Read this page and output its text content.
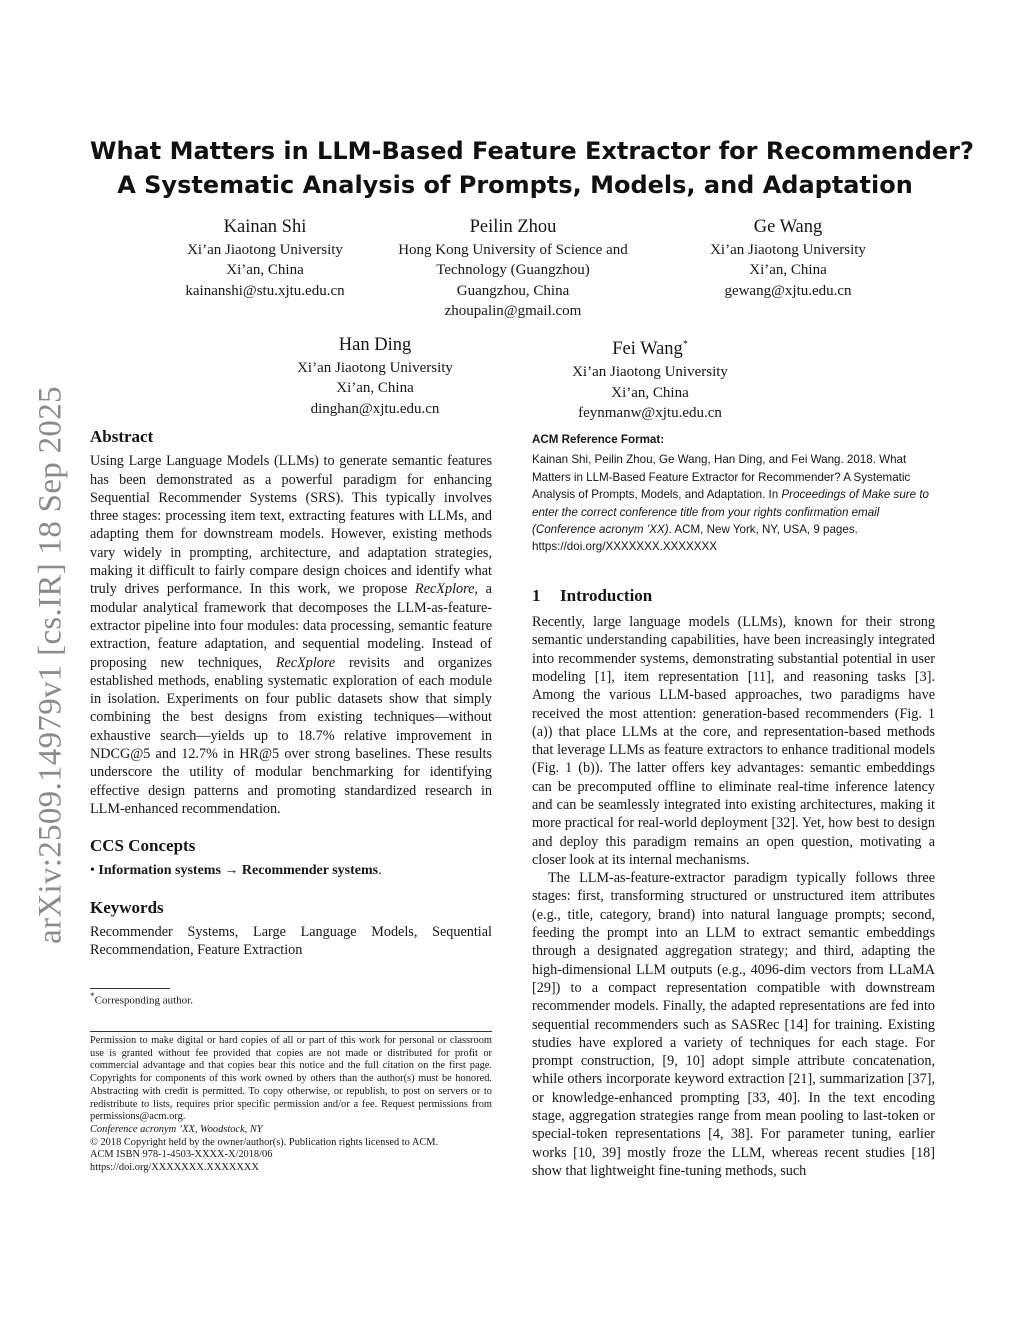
arXiv:2509.14979v1 [cs.IR] 18 Sep 2025
What Matters in LLM-Based Feature Extractor for Recommender?
A Systematic Analysis of Prompts, Models, and Adaptation
Kainan Shi
Xi’an Jiaotong University
Xi’an, China
kainanshi@stu.xjtu.edu.cn
Peilin Zhou
Hong Kong University of Science and
Technology (Guangzhou)
Guangzhou, China
zhoupalin@gmail.com
Ge Wang
Xi’an Jiaotong University
Xi’an, China
gewang@xjtu.edu.cn
Han Ding
Xi’an Jiaotong University
Xi’an, China
dinghan@xjtu.edu.cn
Fei Wang*
Xi’an Jiaotong University
Xi’an, China
feynmanw@xjtu.edu.cn
Abstract

Using Large Language Models (LLMs) to generate semantic features has been demonstrated as a powerful paradigm for enhancing Sequential Recommender Systems (SRS). This typically involves three stages: processing item text, extracting features with LLMs, and adapting them for downstream models. However, existing methods vary widely in prompting, architecture, and adaptation strategies, making it difficult to fairly compare design choices and identify what truly drives performance. In this work, we propose RecXplore, a modular analytical framework that decomposes the LLM-as-feature-extractor pipeline into four modules: data processing, semantic feature extraction, feature adaptation, and sequential modeling. Instead of proposing new techniques, RecXplore revisits and organizes established methods, enabling systematic exploration of each module in isolation. Experiments on four public datasets show that simply combining the best designs from existing techniques—without exhaustive search—yields up to 18.7% relative improvement in NDCG@5 and 12.7% in HR@5 over strong baselines. These results underscore the utility of modular benchmarking for identifying effective design patterns and promoting standardized research in LLM-enhanced recommendation.

CCS Concepts

• Information systems → Recommender systems.

Keywords

Recommender Systems, Large Language Models, Sequential Recommendation, Feature Extraction

*Corresponding author.

Permission to make digital or hard copies of all or part of this work for personal or classroom use is granted without fee provided that copies are not made or distributed for profit or commercial advantage and that copies bear this notice and the full citation on the first page. Copyrights for components of this work owned by others than the author(s) must be honored. Abstracting with credit is permitted. To copy otherwise, or republish, to post on servers or to redistribute to lists, requires prior specific permission and/or a fee. Request permissions from permissions@acm.org.

Conference acronym ’XX, Woodstock, NY
© 2018 Copyright held by the owner/author(s). Publication rights licensed to ACM.
ACM ISBN 978-1-4503-XXXX-X/2018/06
https://doi.org/XXXXXXX.XXXXXXX
ACM Reference Format:

Kainan Shi, Peilin Zhou, Ge Wang, Han Ding, and Fei Wang. 2018. What Matters in LLM-Based Feature Extractor for Recommender? A Systematic Analysis of Prompts, Models, and Adaptation. In Proceedings of Make sure to enter the correct conference title from your rights confirmation email (Conference acronym ’XX). ACM, New York, NY, USA, 9 pages. https://doi.org/XXXXXXX.XXXXXXX

1 Introduction

Recently, large language models (LLMs), known for their strong semantic understanding capabilities, have been increasingly integrated into recommender systems, demonstrating substantial potential in user modeling [1], item representation [11], and reasoning tasks [3]. Among the various LLM-based approaches, two paradigms have received the most attention: generation-based recommenders (Fig. 1 (a)) that place LLMs at the core, and representation-based methods that leverage LLMs as feature extractors to enhance traditional models (Fig. 1 (b)). The latter offers key advantages: semantic embeddings can be precomputed offline to eliminate real-time inference latency and can be seamlessly integrated into existing architectures, making it more practical for real-world deployment [32]. Yet, how best to design and deploy this paradigm remains an open question, motivating a closer look at its internal mechanisms.

The LLM-as-feature-extractor paradigm typically follows three stages: first, transforming structured or unstructured item attributes (e.g., title, category, brand) into natural language prompts; second, feeding the prompt into an LLM to extract semantic embeddings through a designated aggregation strategy; and third, adapting the high-dimensional LLM outputs (e.g., 4096-dim vectors from LLaMA [29]) to a compact representation compatible with downstream recommender models. Finally, the adapted representations are fed into sequential recommenders such as SASRec [14] for training. Existing studies have explored a variety of techniques for each stage. For prompt construction, [9, 10] adopt simple attribute concatenation, while others incorporate keyword extraction [21], summarization [37], or knowledge-enhanced prompting [33, 40]. In the text encoding stage, aggregation strategies range from mean pooling to last-token or special-token representations [4, 38]. For parameter tuning, earlier works [10, 39] mostly froze the LLM, whereas recent studies [18] show that lightweight fine-tuning methods, such
